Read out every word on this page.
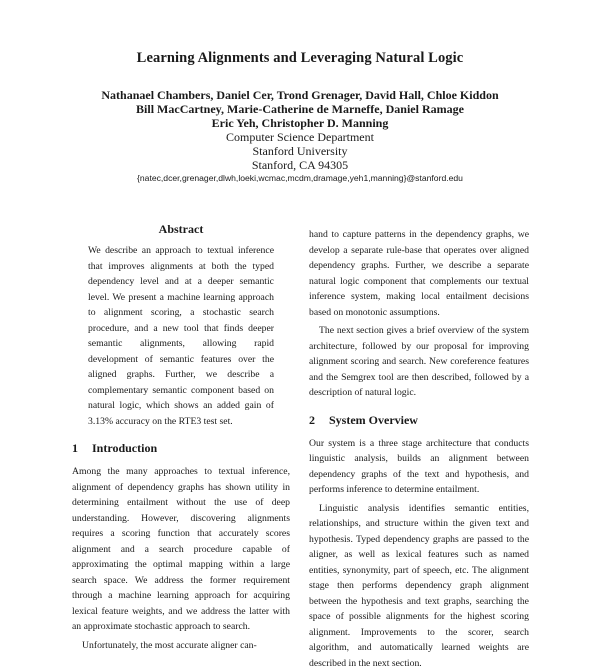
Learning Alignments and Leveraging Natural Logic
Nathanael Chambers, Daniel Cer, Trond Grenager, David Hall, Chloe Kiddon
Bill MacCartney, Marie-Catherine de Marneffe, Daniel Ramage
Eric Yeh, Christopher D. Manning
Computer Science Department
Stanford University
Stanford, CA 94305
{natec,dcer,grenager,dlwh,loeki,wcmac,mcdm,dramage,yeh1,manning}@stanford.edu
Abstract

We describe an approach to textual inference that improves alignments at both the typed dependency level and at a deeper semantic level. We present a machine learning approach to alignment scoring, a stochastic search procedure, and a new tool that finds deeper semantic alignments, allowing rapid development of semantic features over the aligned graphs. Further, we describe a complementary semantic component based on natural logic, which shows an added gain of 3.13% accuracy on the RTE3 test set.

1 Introduction

Among the many approaches to textual inference, alignment of dependency graphs has shown utility in determining entailment without the use of deep understanding. However, discovering alignments requires a scoring function that accurately scores alignment and a search procedure capable of approximating the optimal mapping within a large search space. We address the former requirement through a machine learning approach for acquiring lexical feature weights, and we address the latter with an approximate stochastic approach to search.

Unfortunately, the most accurate aligner can-

hand to capture patterns in the dependency graphs, we develop a separate rule-base that operates over aligned dependency graphs. Further, we describe a separate natural logic component that complements our textual inference system, making local entailment decisions based on monotonic assumptions.

The next section gives a brief overview of the system architecture, followed by our proposal for improving alignment scoring and search. New coreference features and the Semgrex tool are then described, followed by a description of natural logic.

2 System Overview

Our system is a three stage architecture that conducts linguistic analysis, builds an alignment between dependency graphs of the text and hypothesis, and performs inference to determine entailment.

Linguistic analysis identifies semantic entities, relationships, and structure within the given text and hypothesis. Typed dependency graphs are passed to the aligner, as well as lexical features such as named entities, synonymity, part of speech, etc. The alignment stage then performs dependency graph alignment between the hypothesis and text graphs, searching the space of possible alignments for the highest scoring alignment. Improvements to the scorer, search algorithm, and automatically learned weights are described in the next section.
